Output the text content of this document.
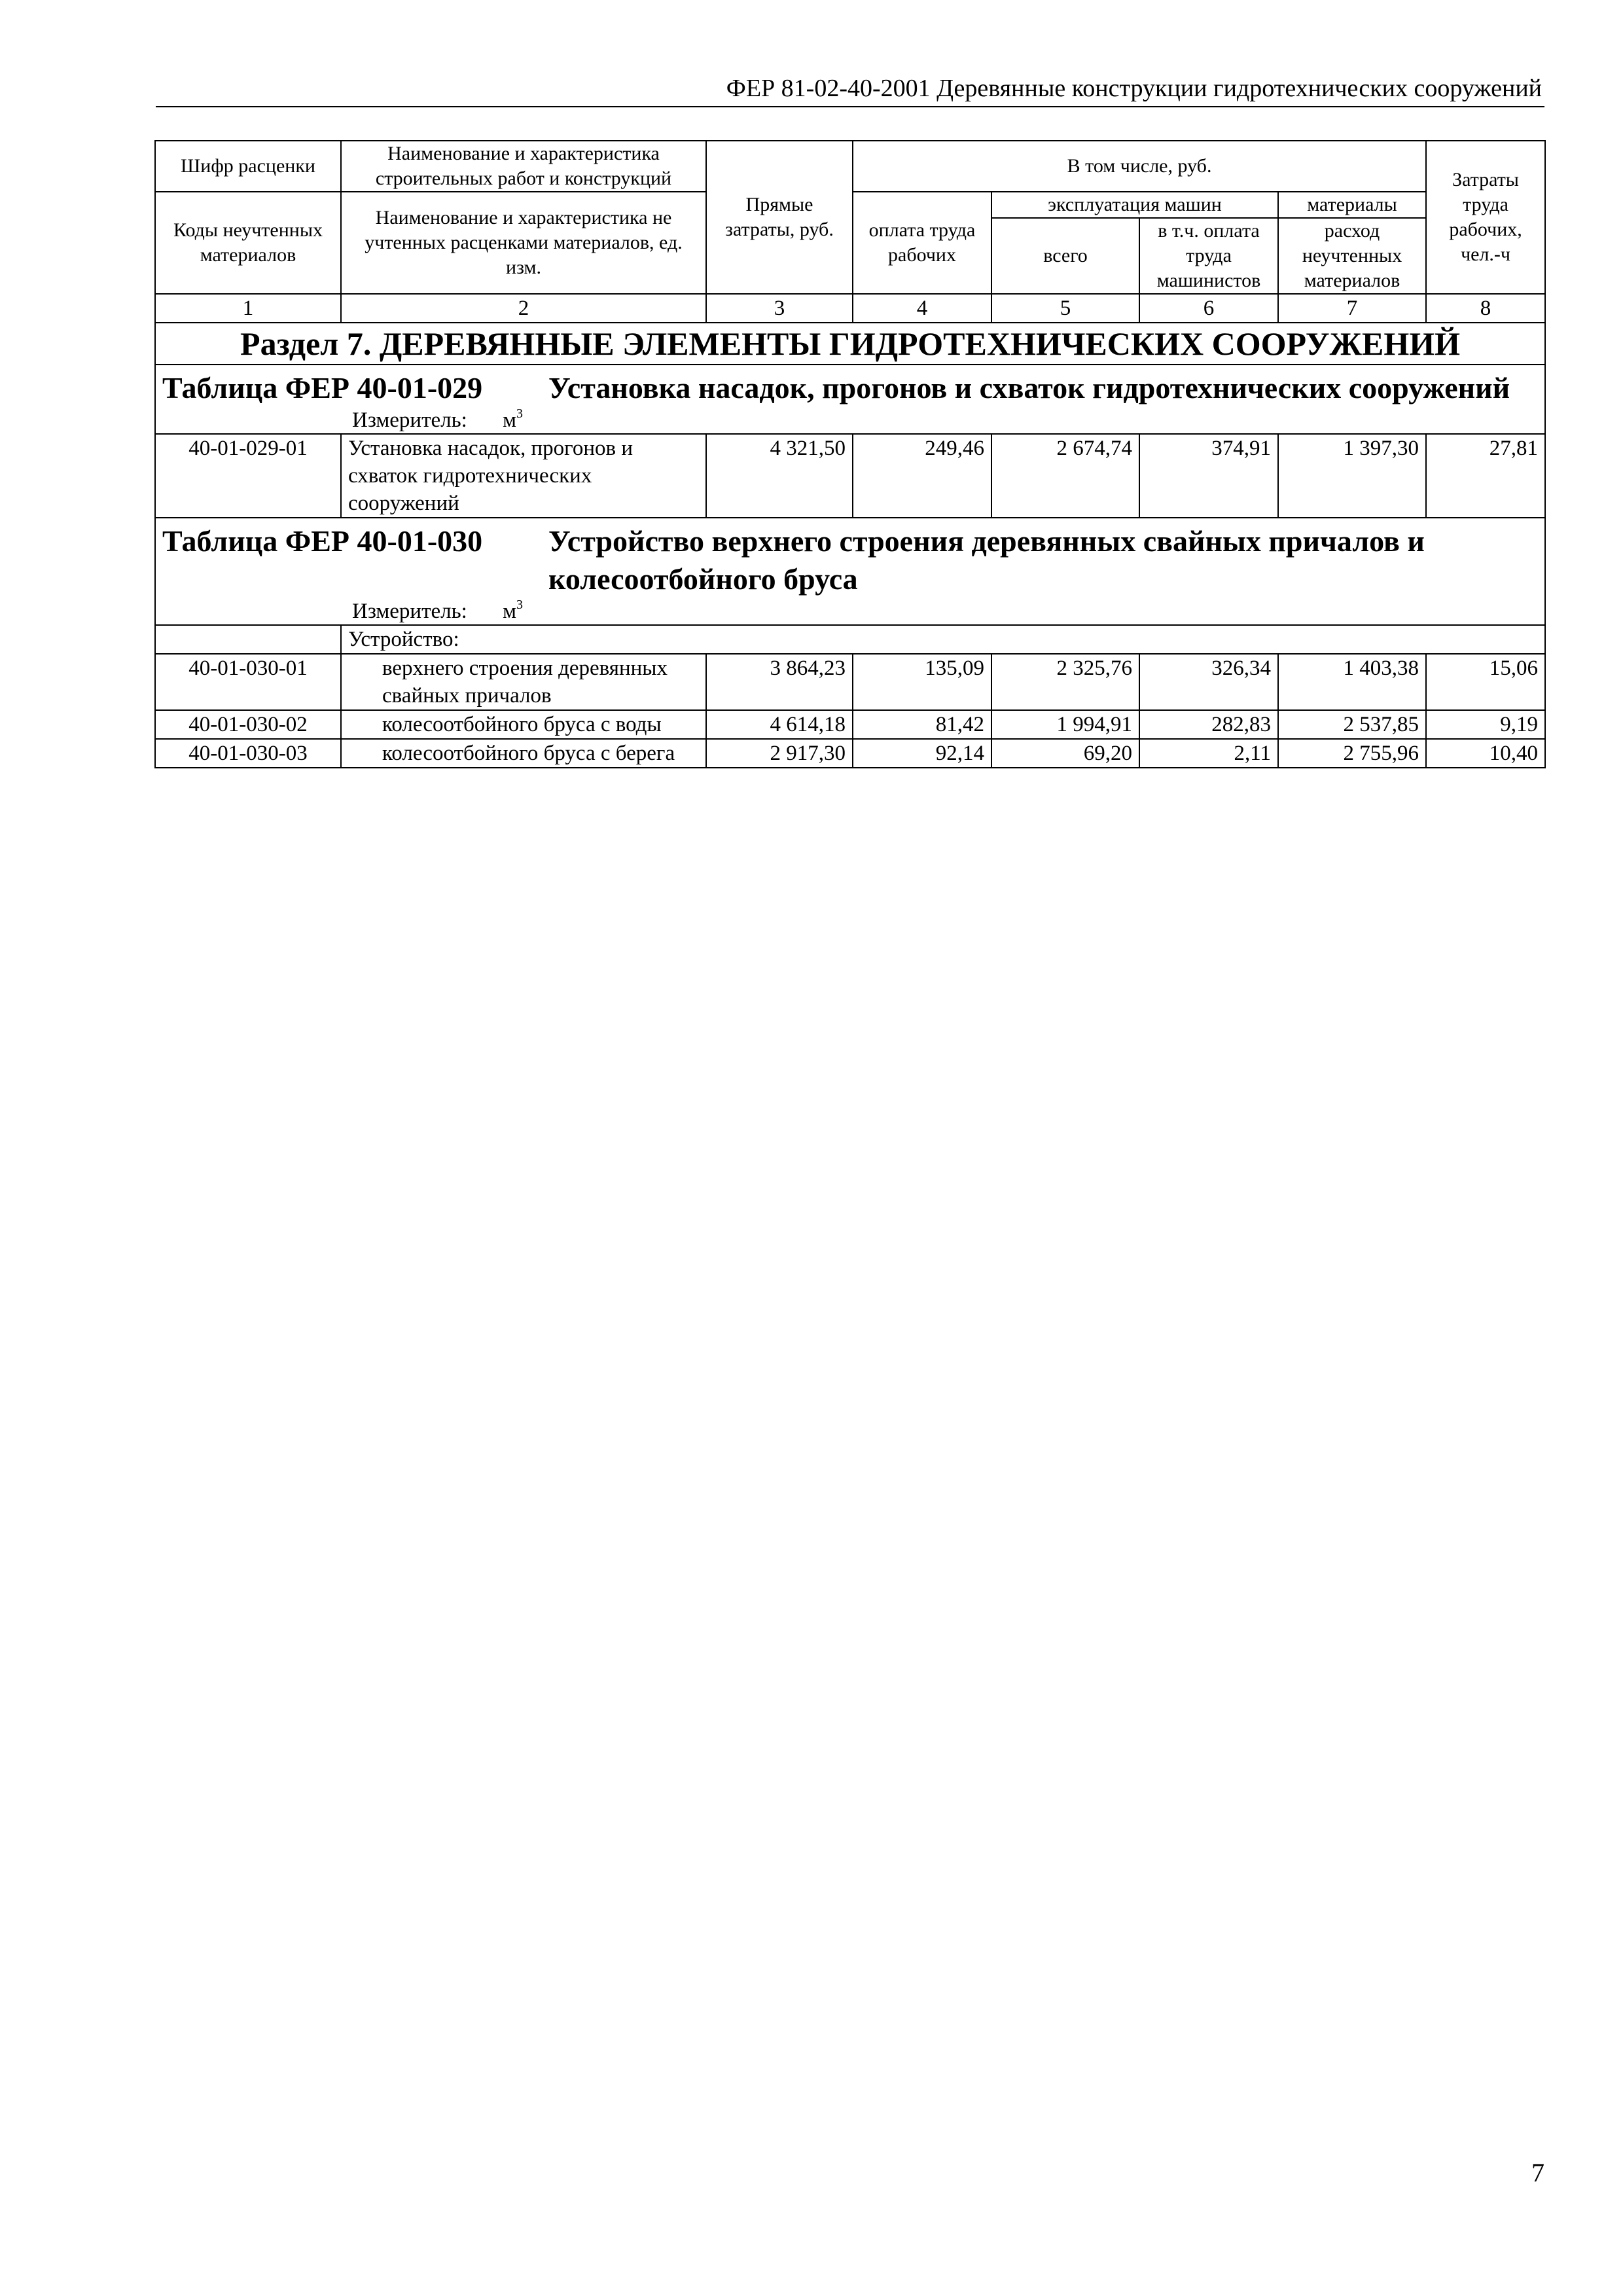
ФЕР 81-02-40-2001 Деревянные конструкции гидротехнических сооружений
Шифр расценки	Наименование и характеристика строительных работ и конструкций	Прямые затраты, руб.	В том числе, руб.				Затраты труда рабочих, чел.-ч
Коды неучтенных материалов	Наименование и характеристика не учтенных расценками материалов, ед. изм.		оплата труда рабочих	эксплуатация машин		материалы	
				всего	в т.ч. оплата труда машинистов	расход неучтенных материалов	
1	2	3	4	5	6	7	8
Раздел 7. ДЕРЕВЯННЫЕ ЭЛЕМЕНТЫ ГИДРОТЕХНИЧЕСКИХ СООРУЖЕНИЙ							

Таблица ФЕР 40-01-029 Установка насадок, прогонов и схваток гидротехнических сооружений
Измеритель: $м^3$

40-01-029-01	Установка насадок, прогонов и схваток гидротехнических сооружений	4 321,50	249,46	2 674,74	374,91	1 397,30	27,81

Таблица ФЕР 40-01-030 Устройство верхнего строения деревянных свайных причалов и колесоотбойного бруса
Измеритель: $м^3$

	Устройство:						
40-01-030-01	верхнего строения деревянных свайных причалов	3 864,23	135,09	2 325,76	326,34	1 403,38	15,06
40-01-030-02	колесоотбойного бруса с воды	4 614,18	81,42	1 994,91	282,83	2 537,85	9,19
40-01-030-03	колесоотбойного бруса с берега	2 917,30	92,14	69,20	2,11	2 755,96	10,40
7
